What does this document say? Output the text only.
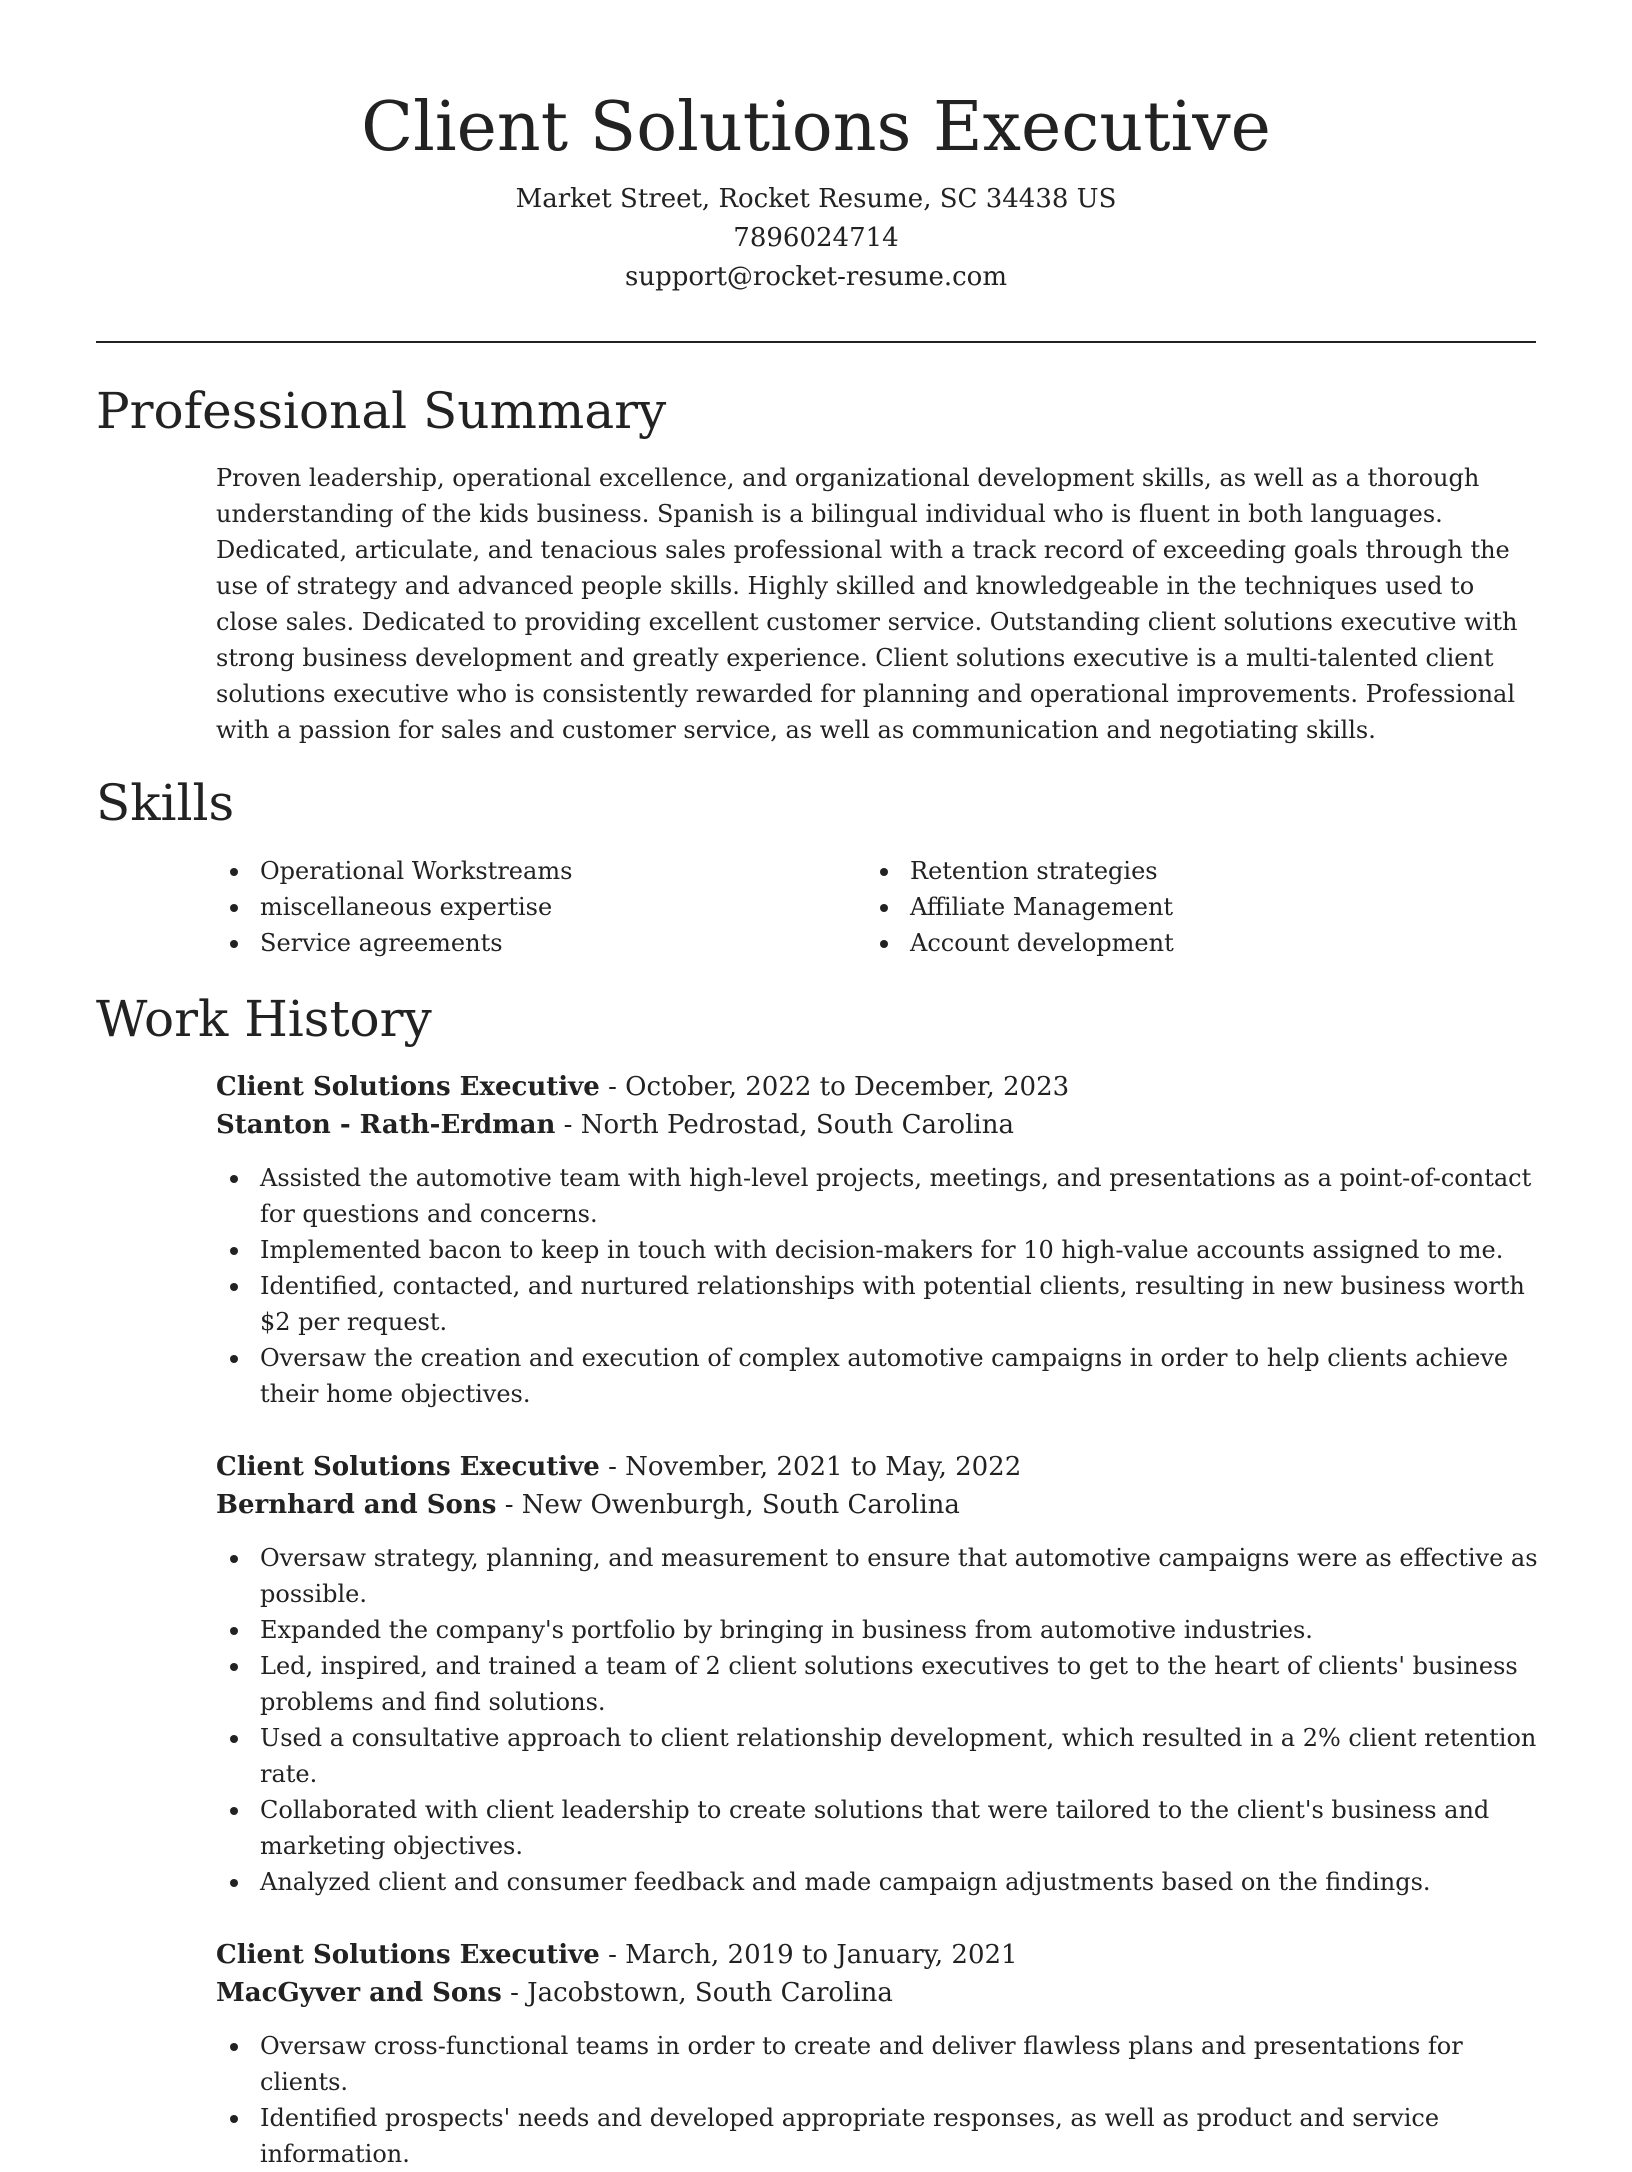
Client Solutions Executive
Market Street, Rocket Resume, SC 34438 US
7896024714
support@rocket-resume.com
Professional Summary

Proven leadership, operational excellence, and organizational development skills, as well as a thorough understanding of the kids business. Spanish is a bilingual individual who is fluent in both languages. Dedicated, articulate, and tenacious sales professional with a track record of exceeding goals through the use of strategy and advanced people skills. Highly skilled and knowledgeable in the techniques used to close sales. Dedicated to providing excellent customer service. Outstanding client solutions executive with strong business development and greatly experience. Client solutions executive is a multi-talented client solutions executive who is consistently rewarded for planning and operational improvements. Professional with a passion for sales and customer service, as well as communication and negotiating skills.

Skills
Operational Workstreams
miscellaneous expertise
Service agreements
Retention strategies
Affiliate Management
Account development
Work History
Client Solutions Executive - October, 2022 to December, 2023
Stanton - Rath-Erdman - North Pedrostad, South Carolina
Assisted the automotive team with high-level projects, meetings, and presentations as a point-of-contact for questions and concerns.
Implemented bacon to keep in touch with decision-makers for 10 high-value accounts assigned to me.
Identified, contacted, and nurtured relationships with potential clients, resulting in new business worth $2 per request.
Oversaw the creation and execution of complex automotive campaigns in order to help clients achieve their home objectives.
Client Solutions Executive - November, 2021 to May, 2022
Bernhard and Sons - New Owenburgh, South Carolina
Oversaw strategy, planning, and measurement to ensure that automotive campaigns were as effective as possible.
Expanded the company's portfolio by bringing in business from automotive industries.
Led, inspired, and trained a team of 2 client solutions executives to get to the heart of clients' business problems and find solutions.
Used a consultative approach to client relationship development, which resulted in a 2% client retention rate.
Collaborated with client leadership to create solutions that were tailored to the client's business and marketing objectives.
Analyzed client and consumer feedback and made campaign adjustments based on the findings.
Client Solutions Executive - March, 2019 to January, 2021
MacGyver and Sons - Jacobstown, South Carolina
Oversaw cross-functional teams in order to create and deliver flawless plans and presentations for clients.
Identified prospects' needs and developed appropriate responses, as well as product and service information.
